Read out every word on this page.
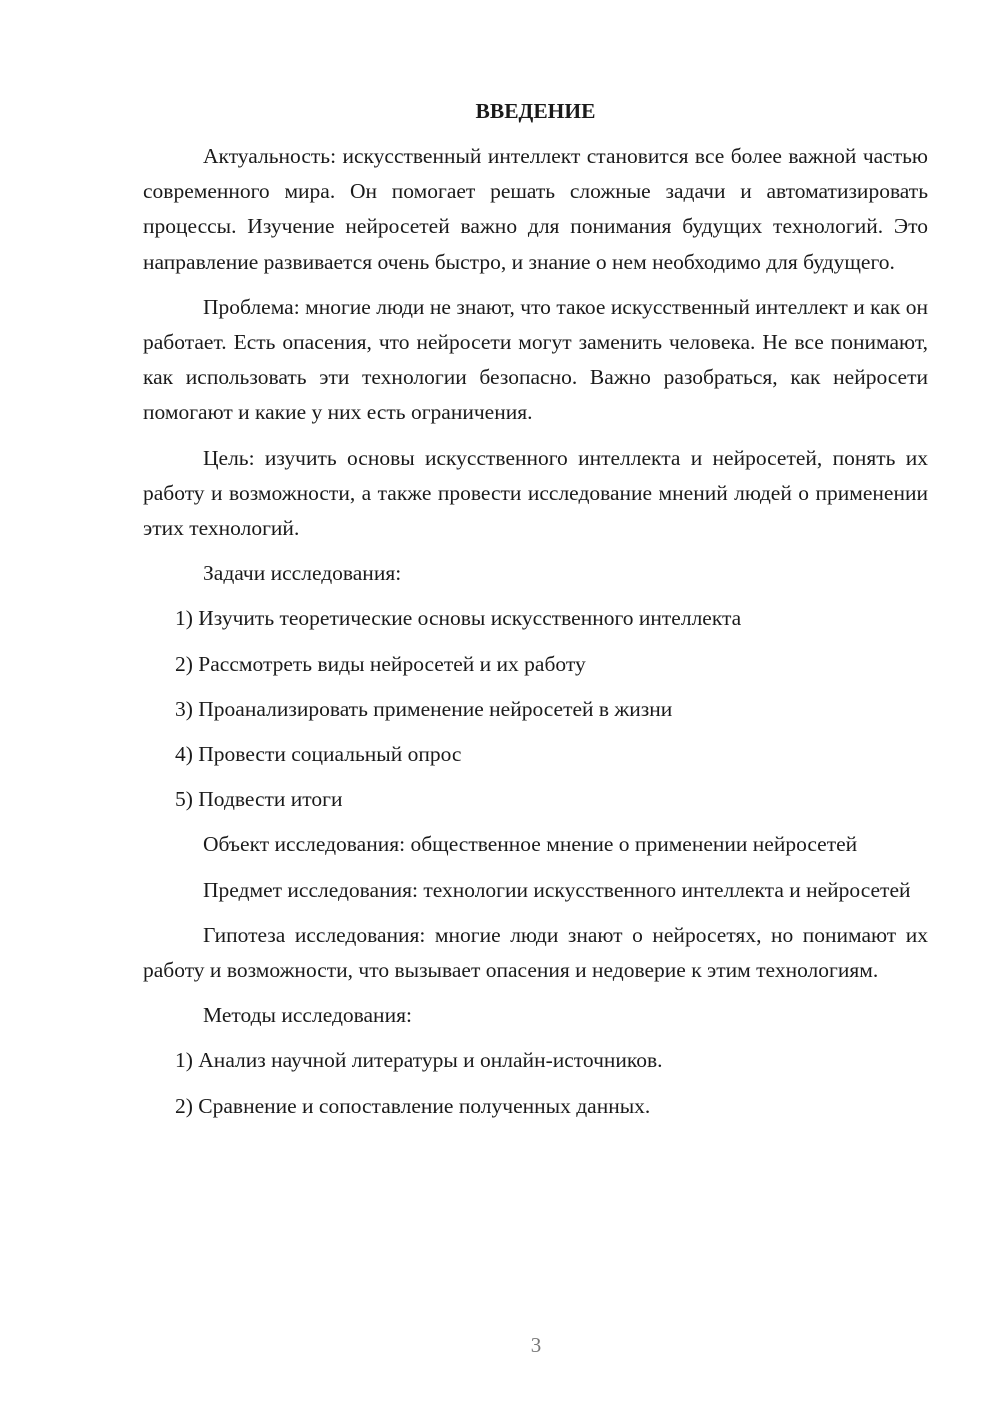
ВВЕДЕНИЕ
Актуальность: искусственный интеллект становится все более важной частью современного мира. Он помогает решать сложные задачи и автоматизировать процессы. Изучение нейросетей важно для понимания будущих технологий. Это направление развивается очень быстро, и знание о нем необходимо для будущего.
Проблема: многие люди не знают, что такое искусственный интеллект и как он работает. Есть опасения, что нейросети могут заменить человека. Не все понимают, как использовать эти технологии безопасно. Важно разобраться, как нейросети помогают и какие у них есть ограничения.
Цель: изучить основы искусственного интеллекта и нейросетей, понять их работу и возможности, а также провести исследование мнений людей о применении этих технологий.
Задачи исследования:
1) Изучить теоретические основы искусственного интеллекта
2) Рассмотреть виды нейросетей и их работу
3) Проанализировать применение нейросетей в жизни
4) Провести социальный опрос
5) Подвести итоги
Объект исследования: общественное мнение о применении нейросетей
Предмет исследования: технологии искусственного интеллекта и нейросетей
Гипотеза исследования: многие люди знают о нейросетях, но понимают их работу и возможности, что вызывает опасения и недоверие к этим технологиям.
Методы исследования:
1) Анализ научной литературы и онлайн-источников.
2) Сравнение и сопоставление полученных данных.
3
